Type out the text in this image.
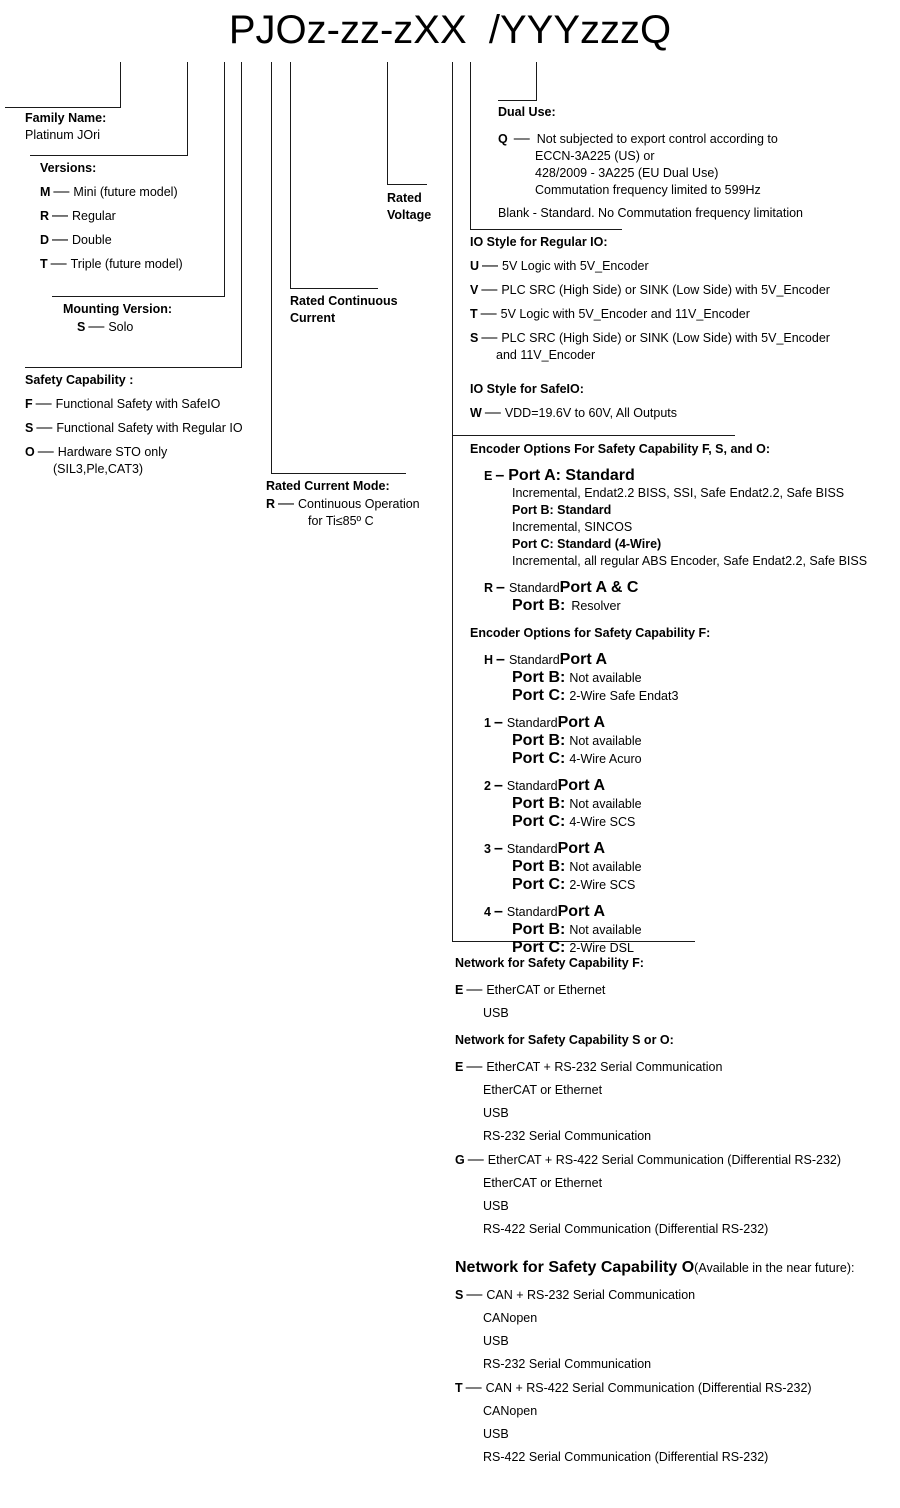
PJOz-zz-zXX  /YYYzzzQ
Family Name:
Platinum JOri
Versions:
M — Mini (future model)
R — Regular
D — Double
T — Triple (future model)
Mounting Version:
S — Solo
Safety Capability :
F — Functional Safety with SafeIO
S — Functional Safety with Regular IO
O — Hardware STO only
(SIL3,Ple,CAT3)
Rated Continuous
Current
Rated
Voltage
Rated Current Mode:
R — Continuous Operation
for Ti≤85º C
Dual Use:
Q — Not subjected to export control according to
ECCN-3A225 (US) or
428/2009 - 3A225 (EU Dual Use)
Commutation frequency limited to 599Hz
Blank - Standard. No Commutation frequency limitation
IO Style for Regular IO:
U — 5V Logic with 5V_Encoder
V — PLC SRC (High Side) or SINK (Low Side) with 5V_Encoder
T — 5V Logic with 5V_Encoder and 11V_Encoder
S — PLC SRC (High Side) or SINK (Low Side) with 5V_Encoder
and 11V_Encoder
IO Style for SafeIO:
W — VDD=19.6V to 60V, All Outputs
Encoder Options For Safety Capability F, S, and O:
E – Port A: Standard
Incremental, Endat2.2 BISS, SSI, Safe Endat2.2, Safe BISS
Port B: Standard
Incremental, SINCOS
Port C: Standard (4-Wire)
Incremental, all regular ABS Encoder, Safe Endat2.2, Safe BISS
R – Standard Port A & C
Port B: Resolver
Encoder Options for Safety Capability F:
H – Standard Port A
Port B: Not available
Port C: 2-Wire Safe Endat3
1 – Standard Port A
Port B: Not available
Port C: 4-Wire Acuro
2 – Standard Port A
Port B: Not available
Port C: 4-Wire SCS
3 – Standard Port A
Port B: Not available
Port C: 2-Wire SCS
4 – Standard Port A
Port B: Not available
Port C: 2-Wire DSL
Network for Safety Capability F:
E — EtherCAT or Ethernet
USB
Network for Safety Capability S or O:
E — EtherCAT + RS-232 Serial Communication
EtherCAT or Ethernet
USB
RS-232 Serial Communication
G — EtherCAT + RS-422 Serial Communication (Differential RS-232)
EtherCAT or Ethernet
USB
RS-422 Serial Communication (Differential RS-232)
Network for Safety Capability O (Available in the near future):
S — CAN + RS-232 Serial Communication
CANopen
USB
RS-232 Serial Communication
T — CAN + RS-422 Serial Communication (Differential RS-232)
CANopen
USB
RS-422 Serial Communication (Differential RS-232)
